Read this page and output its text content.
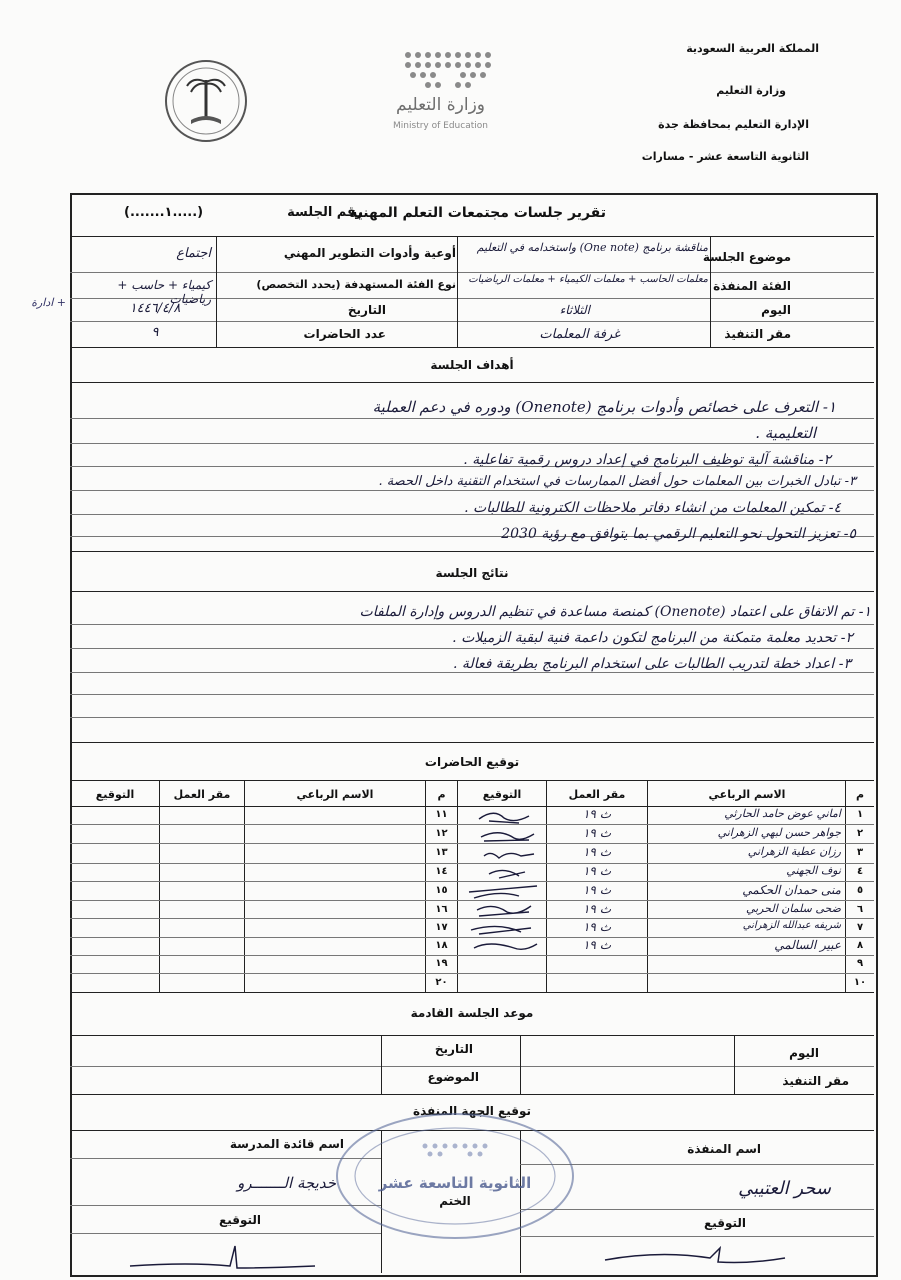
المملكة العربية السعودية
وزارة التعليم
الإدارة التعليم بمحافظة جدة
الثانوية التاسعة عشر - مسارات
وزارة التعليم
Ministry of Education
تقرير جلسات مجتمعات التعلم المهنية
رقم الجلسة
(.......١.....)
موضوع الجلسة
الفئة المنفذة
اليوم
مقر التنفيذ
مناقشة برنامج (One note) واستخدامه في التعليم
معلمات الحاسب + معلمات الكيمياء + معلمات الرياضيات
الثلاثاء
غرفة المعلمات
أوعية وأدوات التطوير المهني
نوع الفئة المستهدفة (يحدد التخصص)
التاريخ
عدد الحاضرات
اجتماع
كيمياء + حاسب + رياضيات
+ ادارة	١٤٤٦/٤/٨
٩
أهداف الجلسة
١- التعرف على خصائص وأدوات برنامج (Onenote) ودوره في دعم العملية
التعليمية .
٢- مناقشة آلية توظيف البرنامج في إعداد دروس رقمية تفاعلية .
٣- تبادل الخبرات بين المعلمات حول أفضل الممارسات في استخدام التقنية داخل الحصة .
٤- تمكين المعلمات من انشاء دفاتر ملاحظات الكترونية للطالبات .
٥- تعزيز التحول نحو التعليم الرقمي بما يتوافق مع رؤية 2030
نتائج الجلسة
١- تم الاتفاق على اعتماد (Onenote) كمنصة مساعدة في تنظيم الدروس وإدارة الملفات
٢- تحديد معلمة متمكنة من البرنامج لتكون داعمة فنية لبقية الزميلات .
٣- اعداد خطة لتدريب الطالبات على استخدام البرنامج بطريقة فعالة .
توقيع الحاضرات
م
الاسم الرباعي
مقر العمل
التوقيع
م
الاسم الرباعي
مقر العمل
التوقيع
١
اماني عوض حامد الحارثي
ث ١٩
٢
جواهر حسن لبهي الزهراني
ث ١٩
٣
رزان عطية الزهراني
ث ١٩
٤
نوف الجهني
ث ١٩
٥
منى حمدان الحكمي
ث ١٩
٦
ضحى سلمان الحربي
ث ١٩
٧
شريفه عبدالله الزهراني
ث ١٩
٨
عبير السالمي
ث ١٩
٩
١٠
١١
١٢
١٣
١٤
١٥
١٦
١٧
١٨
١٩
٢٠
موعد الجلسة القادمة
اليوم
التاريخ
مقر التنفيذ
الموضوع
توقيع الجهة المنفذة
اسم المنفذة
سحر العتيبي
التوقيع
اسم قائدة المدرسة
خديجة الـــــــرو
التوقيع
الثانوية التاسعة عشر
الختم
